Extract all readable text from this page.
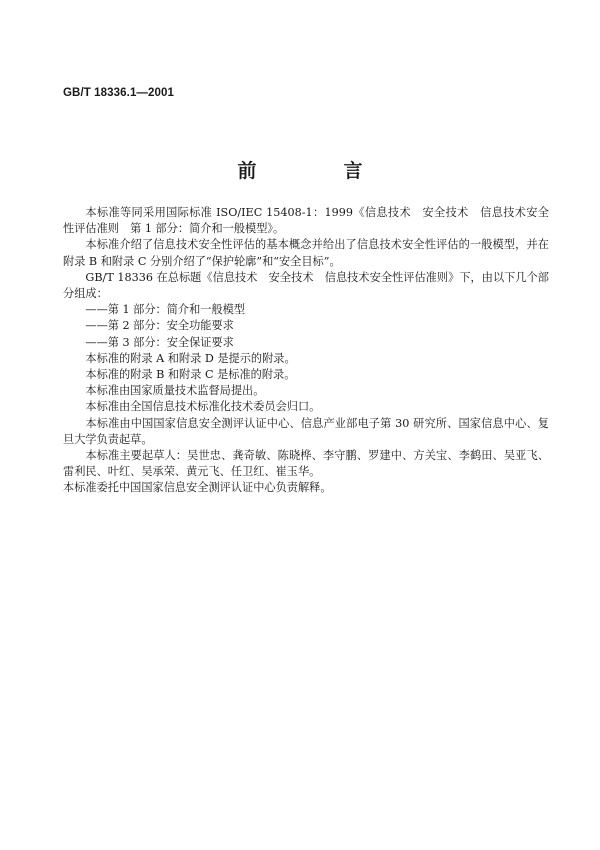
GB/T 18336.1—2001
前　言

本标准等同采用国际标准 ISO/IEC 15408-1：1999《信息技术　安全技术　信息技术安全性评估准则　第 1 部分：简介和一般模型》。

本标准介绍了信息技术安全性评估的基本概念并给出了信息技术安全性评估的一般模型，并在附录 B 和附录 C 分别介绍了“保护轮廓”和“安全目标”。

GB/T 18336 在总标题《信息技术　安全技术　信息技术安全性评估准则》下，由以下几个部分组成：

——第 1 部分：简介和一般模型

——第 2 部分：安全功能要求

——第 3 部分：安全保证要求

本标准的附录 A 和附录 D 是提示的附录。

本标准的附录 B 和附录 C 是标准的附录。

本标准由国家质量技术监督局提出。

本标准由全国信息技术标准化技术委员会归口。

本标准由中国国家信息安全测评认证中心、信息产业部电子第 30 研究所、国家信息中心、复旦大学负责起草。

本标准主要起草人：吴世忠、龚奇敏、陈晓桦、李守鹏、罗建中、方关宝、李鹤田、吴亚飞、雷利民、叶红、吴承荣、黄元飞、任卫红、崔玉华。

本标准委托中国国家信息安全测评认证中心负责解释。
